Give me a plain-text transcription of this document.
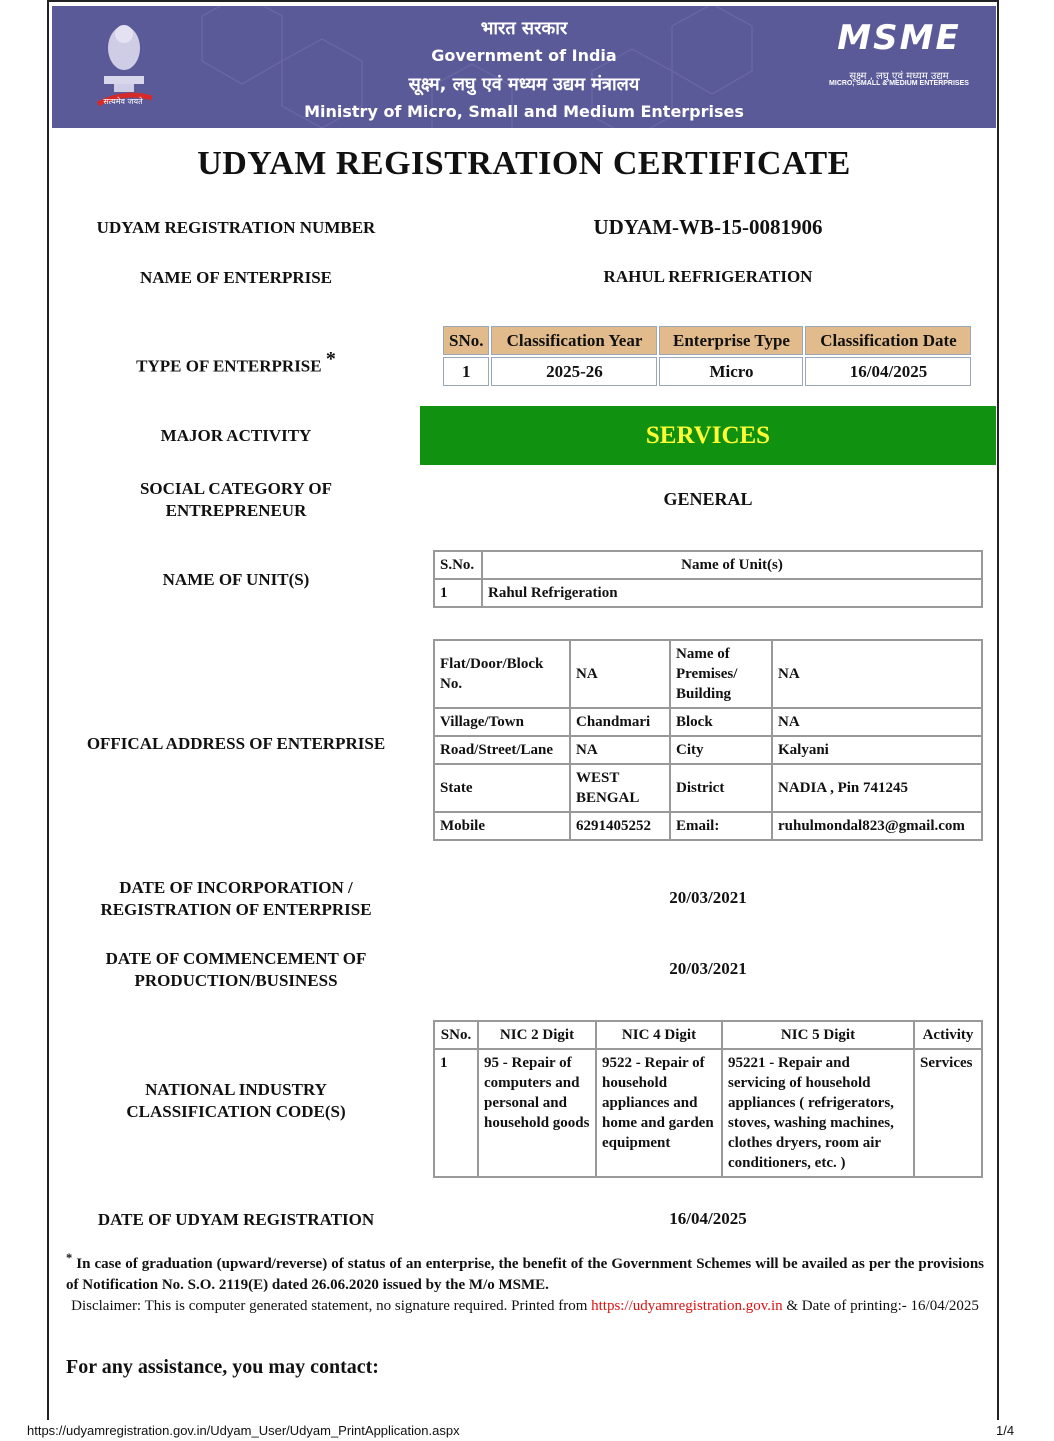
सत्यमेव जयते
भारत सरकार
Government of India
सूक्ष्म, लघु एवं मध्यम उद्यम मंत्रालय
Ministry of Micro, Small and Medium Enterprises
MSME
सूक्ष्म , लघु एवं मध्यम उद्यम
MICRO, SMALL & MEDIUM ENTERPRISES
UDYAM REGISTRATION CERTIFICATE
UDYAM REGISTRATION NUMBER	UDYAM-WB-15-0081906
NAME OF ENTERPRISE	RAHUL REFRIGERATION
TYPE OF ENTERPRISE *
SNo.	Classification Year	Enterprise Type	Classification Date
1	2025-26	Micro	16/04/2025
MAJOR ACTIVITY	SERVICES
SOCIAL CATEGORY OF
ENTREPRENEUR
GENERAL
NAME OF UNIT(S)
S.No.	Name of Unit(s)
1	Rahul Refrigeration
OFFICAL ADDRESS OF ENTERPRISE
Flat/Door/Block No.	NA	Name of Premises/ Building	NA
Village/Town	Chandmari	Block	NA
Road/Street/Lane	NA	City	Kalyani
State	WEST BENGAL	District	NADIA , Pin 741245
Mobile	6291405252	Email:	ruhulmondal823@gmail.com
DATE OF INCORPORATION /
REGISTRATION OF ENTERPRISE
20/03/2021
DATE OF COMMENCEMENT OF
PRODUCTION/BUSINESS
20/03/2021
NATIONAL INDUSTRY
CLASSIFICATION CODE(S)
SNo.	NIC 2 Digit	NIC 4 Digit	NIC 5 Digit	Activity
1	95 - Repair of computers and personal and household goods	9522 - Repair of household appliances and home and garden equipment	95221 - Repair and servicing of household appliances ( refrigerators, stoves, washing machines, clothes dryers, room air conditioners, etc. )	Services
DATE OF UDYAM REGISTRATION	16/04/2025
* In case of graduation (upward/reverse) of status of an enterprise, the benefit of the Government Schemes will be availed as per the provisions of Notification No. S.O. 2119(E) dated 26.06.2020 issued by the M/o MSME.
Disclaimer: This is computer generated statement, no signature required. Printed from https://udyamregistration.gov.in & Date of printing:- 16/04/2025
For any assistance, you may contact:
https://udyamregistration.gov.in/Udyam_User/Udyam_PrintApplication.aspx	1/4
